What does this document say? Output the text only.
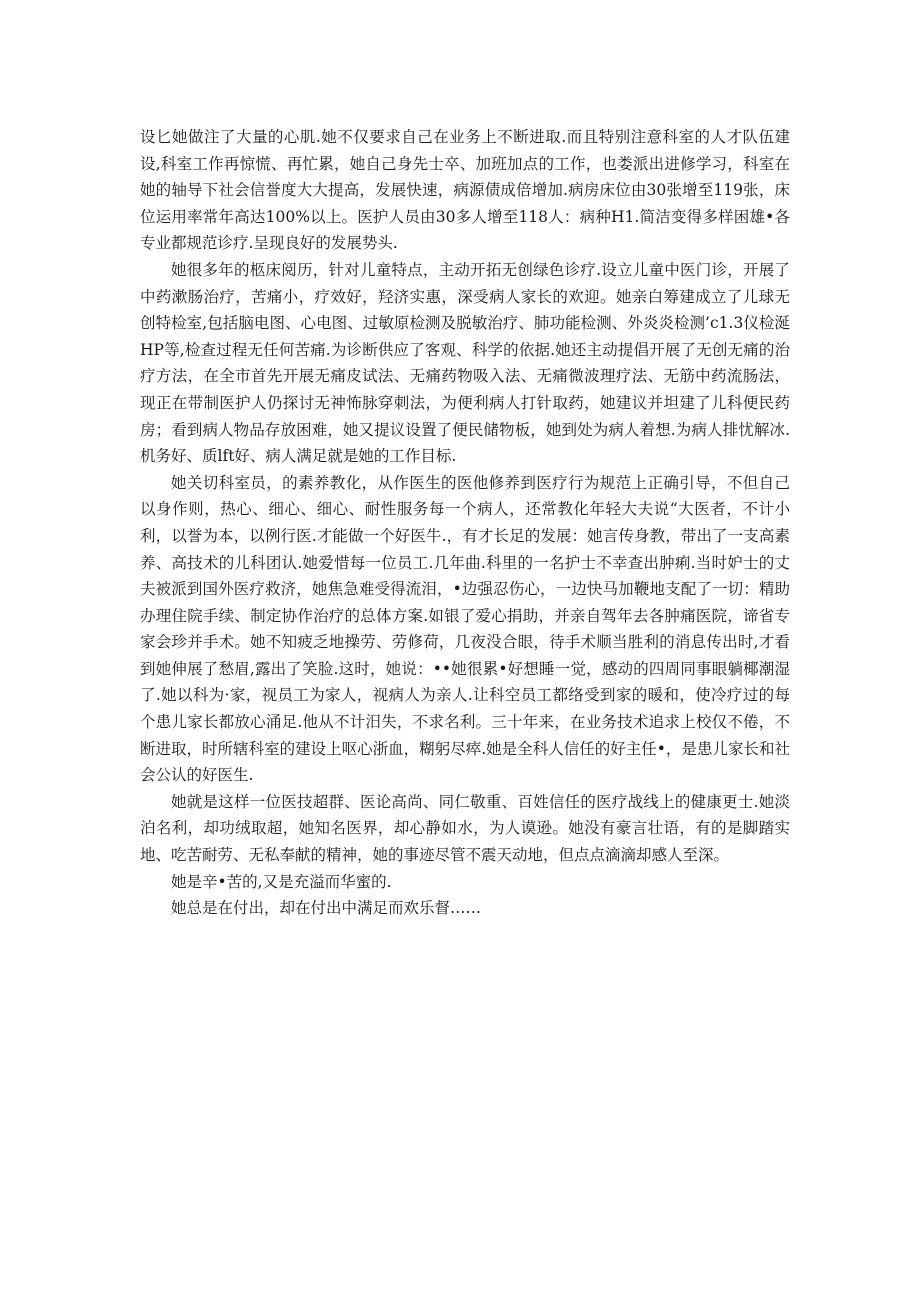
设匕她做注了大量的心肌.她不仅要求自己在业务上不断进取.而且特别注意科室的人才队伍建设,科室工作再惊慌、再忙累，她自己身先士卒、加班加点的工作，也娄派出进修学习，科室在她的轴导下社会信誉度大大提高，发展快速，病源债成倍增加.病房床位由30张增至119张，床位运用率常年高达100%以上。医护人员由30多人增至118人：病种H1.简洁变得多样困雄•各专业都规范诊疗.呈现良好的发展势头.

她很多年的柩床阅历，针对儿童特点，主动开拓无创绿色诊疗.设立儿童中医门诊，开展了中药漱肠治疗，苦痛小，疗效好，羟济实惠，深受病人家长的欢迎。她亲白筹建成立了儿球无创特检室,包括脑电图、心电图、过敏原检测及脱敏治疗、肺功能检测、外炎炎检测’c1.3仪检涎HP等,检查过程无任何苦痛.为诊断供应了客观、科学的依据.她还主动提倡开展了无创无痛的治疗方法，在全市首先开展无痛皮试法、无痛药物吸入法、无痛微波理疗法、无筋中药流肠法，现正在带制医护人仍探讨无神怖脉穿刺法，为便利病人打针取药，她建议并坦建了儿科便民药房；看到病人物品存放困难，她又提议设置了便民储物板，她到处为病人着想.为病人排忧解冰.机务好、质lft好、病人满足就是她的工作目标.

她关切科室员，的素养教化，从作医生的医他修养到医疗行为规范上正确引导，不但自己以身作则，热心、细心、细心、耐性服务每一个病人，还常教化年轻大夫说“大医者，不计小利，以誉为本，以例行医.才能做一个好医牛.，有才长足的发展：她言传身教，带出了一支高素养、高技术的儿科团认.她爱惜每一位员工.几年曲.科里的一名护士不幸查出肿痢.当时妒士的丈夫被派到国外医疗救济，她焦急难受得流泪，•边强忍伤心，一边快马加鞭地支配了一切：精助办理住院手续、制定协作治疗的总体方案.如银了爱心捐助，并亲自驾年去各肿痛医院，谛省专家会珍并手术。她不知疲乏地操劳、劳修荷，几夜没合眼，待手术顺当胜利的消息传出时,才看到她伸展了愁眉,露出了笑脸.这时，她说：••她很累•好想睡一觉，感动的四周同事眼躺椰潮湿了.她以科为·家，视员工为家人，视病人为亲人.让科空员工都络受到家的暖和，使冷疗过的每个患儿家长都放心涌足.他从不计汨失，不求名利。三十年来，在业务技术追求上校仅不倦，不断进取，时所辖科室的建设上呕心浙血，糊躬尽瘁.她是全科人信任的好主任•，是患儿家长和社会公认的好医生.

她就是这样一位医技超群、医论高尚、同仁敬重、百姓信任的医疗战线上的健康更士.她淡泊名利，却功绒取超，她知名医界，却心静如水，为人谟逊。她没有豪言壮语，有的是脚踏实地、吃苦耐劳、无私奉献的精神，她的事迹尽管不震天动地，但点点滴滴却感人至深。

她是辛•苦的,又是充溢而华蜜的.

她总是在付出，却在付出中满足而欢乐督……
